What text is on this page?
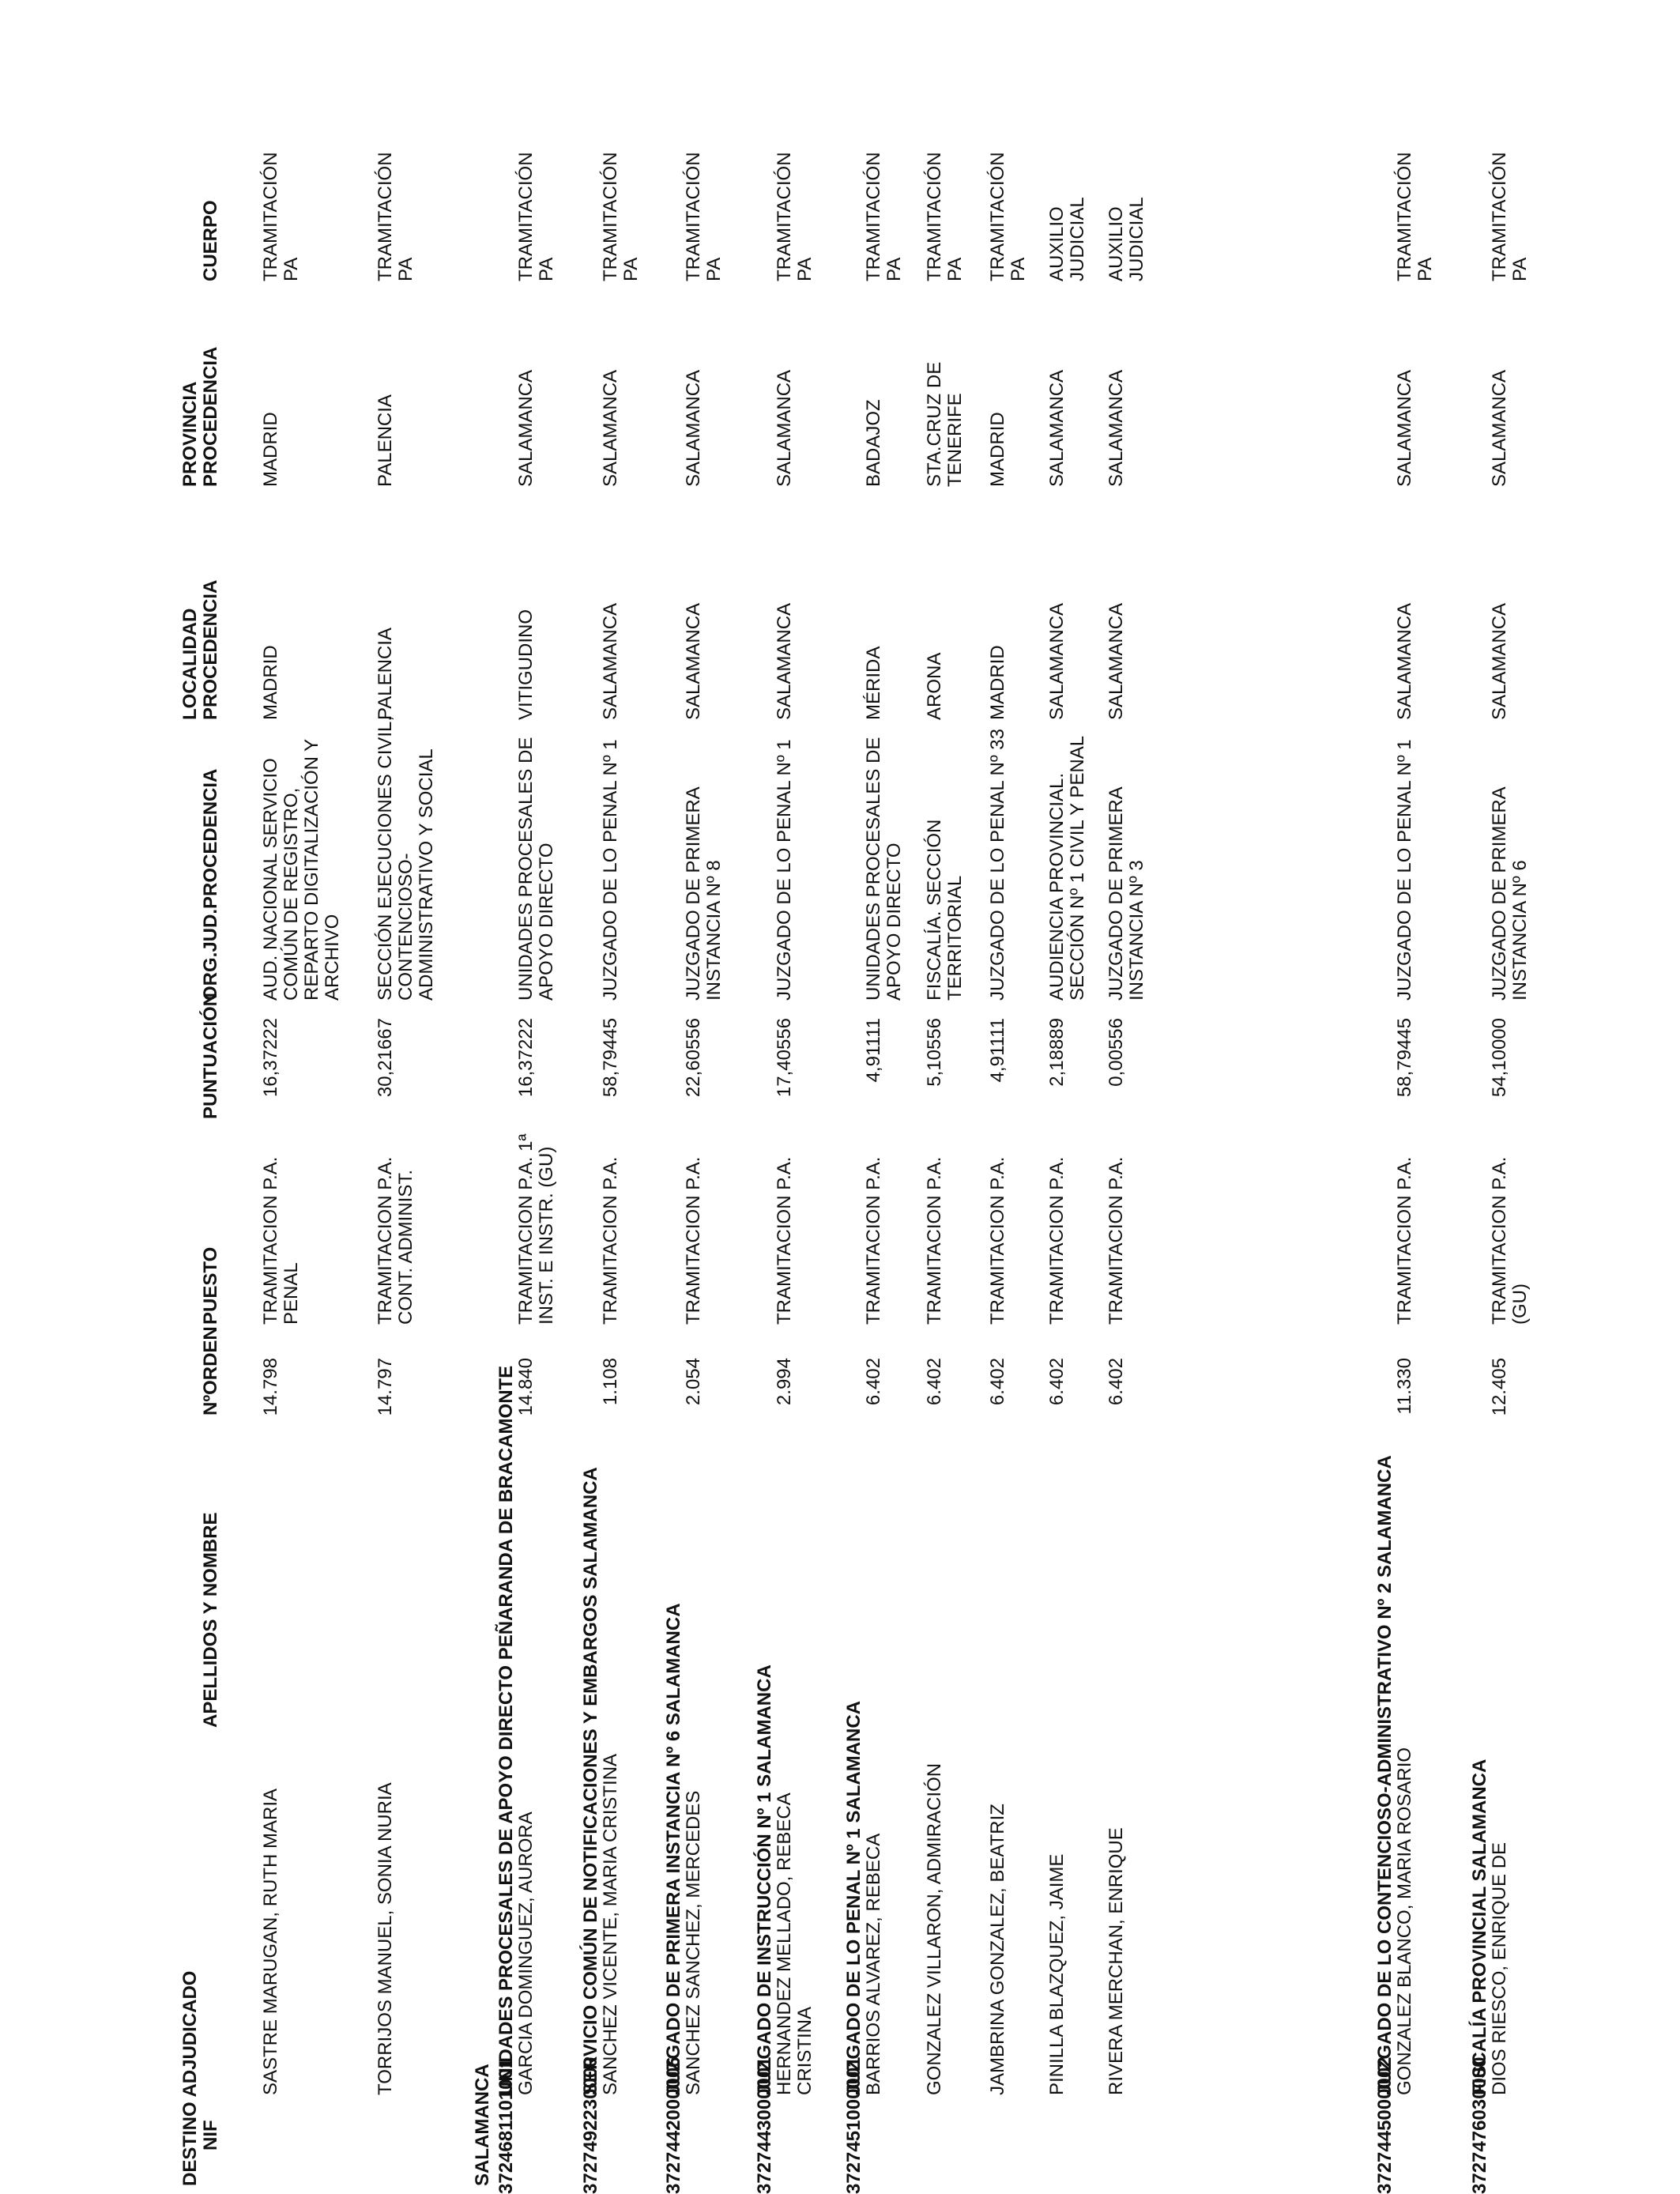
DESTINO ADJUDICADO NIF
APELLIDOS Y NOMBRE
NºORDEN
PUESTO
PUNTUACIÓN
ORG.JUD.PROCEDENCIA
LOCALIDAD PROCEDENCIA
PROVINCIA PROCEDENCIA
CUERPO
SASTRE MARUGAN, RUTH MARIA
14.798
TRAMITACION P.A. PENAL
16,37222
AUD. NACIONAL SERVICIO COMÚN DE REGISTRO, REPARTO DIGITALIZACIÓN Y ARCHIVO
MADRID
MADRID
TRAMITACIÓN PA
TORRIJOS MANUEL, SONIA NURIA
14.797
TRAMITACION P.A. CONT. ADMINIST.
30,21667
SECCIÓN EJECUCIONES CIVIL, CONTENCIOSO- ADMINISTRATIVO Y SOCIAL
PALENCIA
PALENCIA
TRAMITACIÓN PA
SALAMANCA 3724681101001
UNIDADES PROCESALES DE APOYO DIRECTO PEÑARANDA DE BRACAMONTE
GARCIA DOMINGUEZ, AURORA
14.840
TRAMITACION P.A. 1ª INST. E INSTR. (GU)
16,37222
UNIDADES PROCESALES DE APOYO DIRECTO
VITIGUDINO
SALAMANCA
TRAMITACIÓN PA
3727492230000
SERVICIO COMÚN DE NOTIFICACIONES Y EMBARGOS SALAMANCA
SANCHEZ VICENTE, MARIA CRISTINA
1.108
TRAMITACION P.A.
58,79445
JUZGADO DE LO PENAL Nº 1
SALAMANCA
SALAMANCA
TRAMITACIÓN PA
3727442000006
JUZGADO DE PRIMERA INSTANCIA Nº 6 SALAMANCA
SANCHEZ SANCHEZ, MERCEDES
2.054
TRAMITACION P.A.
22,60556
JUZGADO DE PRIMERA INSTANCIA Nº 8
SALAMANCA
SALAMANCA
TRAMITACIÓN PA
3727443000001
JUZGADO DE INSTRUCCIÓN Nº 1 SALAMANCA
HERNANDEZ MELLADO, REBECA CRISTINA
2.994
TRAMITACION P.A.
17,40556
JUZGADO DE LO PENAL Nº 1
SALAMANCA
SALAMANCA
TRAMITACIÓN PA
3727451000001
JUZGADO DE LO PENAL Nº 1 SALAMANCA
BARRIOS ALVAREZ, REBECA
6.402
TRAMITACION P.A.
4,91111
UNIDADES PROCESALES DE APOYO DIRECTO
MÉRIDA
BADAJOZ
TRAMITACIÓN PA
GONZALEZ VILLARON, ADMIRACIÓN
6.402
TRAMITACION P.A.
5,10556
FISCALÍA. SECCIÓN TERRITORIAL
ARONA
STA.CRUZ DE TENERIFE
TRAMITACIÓN PA
JAMBRINA GONZALEZ, BEATRIZ
6.402
TRAMITACION P.A.
4,91111
JUZGADO DE LO PENAL Nº 33
MADRID
MADRID
TRAMITACIÓN PA
PINILLA BLAZQUEZ, JAIME
6.402
TRAMITACION P.A.
2,18889
AUDIENCIA PROVINCIAL. SECCIÓN Nº 1 CIVIL Y PENAL
SALAMANCA
SALAMANCA
AUXILIO JUDICIAL
RIVERA MERCHAN, ENRIQUE
6.402
TRAMITACION P.A.
0,00556
JUZGADO DE PRIMERA INSTANCIA Nº 3
SALAMANCA
SALAMANCA
AUXILIO JUDICIAL
3727445000002
JUZGADO DE LO CONTENCIOSO-ADMINISTRATIVO Nº 2 SALAMANCA
GONZALEZ BLANCO, MARIA ROSARIO
11.330
TRAMITACION P.A.
58,79445
JUZGADO DE LO PENAL Nº 1
SALAMANCA
SALAMANCA
TRAMITACIÓN PA
3727476030000
FISCALÍA PROVINCIAL SALAMANCA
DIOS RIESCO, ENRIQUE DE
12.405
TRAMITACION P.A. (GU)
54,10000
JUZGADO DE PRIMERA INSTANCIA Nº 6
SALAMANCA
SALAMANCA
TRAMITACIÓN PA
